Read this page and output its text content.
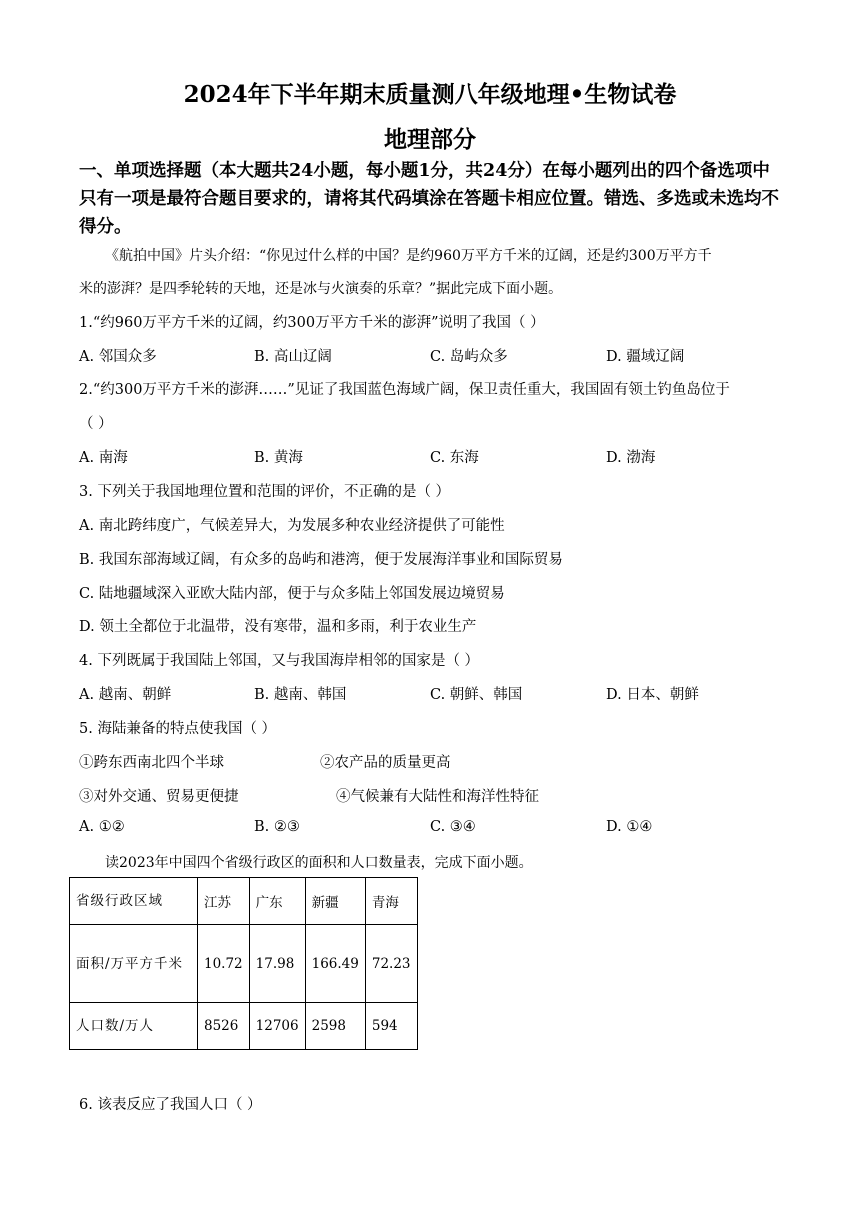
2024年下半年期末质量测八年级地理•生物试卷
地理部分
一、单项选择题（本大题共24小题，每小题1分，共24分）在每小题列出的四个备选项中
只有一项是最符合题目要求的，请将其代码填涂在答题卡相应位置。错选、多选或未选均不
得分。
《航拍中国》片头介绍：“你见过什么样的中国？是约960万平方千米的辽阔，还是约300万平方千
米的澎湃？是四季轮转的天地，还是冰与火演奏的乐章？”据此完成下面小题。
1.“约960万平方千米的辽阔，约300万平方千米的澎湃”说明了我国（ ）
A. 邻国众多	B. 高山辽阔	C. 岛屿众多	D. 疆域辽阔
2.“约300万平方千米的澎湃……”见证了我国蓝色海域广阔，保卫责任重大，我国固有领土钓鱼岛位于
（ ）
A. 南海	B. 黄海	C. 东海	D. 渤海
3. 下列关于我国地理位置和范围的评价，不正确的是（ ）
A. 南北跨纬度广，气候差异大，为发展多种农业经济提供了可能性
B. 我国东部海域辽阔，有众多的岛屿和港湾，便于发展海洋事业和国际贸易
C. 陆地疆域深入亚欧大陆内部，便于与众多陆上邻国发展边境贸易
D. 领土全都位于北温带，没有寒带，温和多雨，利于农业生产
4. 下列既属于我国陆上邻国，又与我国海岸相邻的国家是（ ）
A. 越南、朝鲜	B. 越南、韩国	C. 朝鲜、韩国	D. 日本、朝鲜
5. 海陆兼备的特点使我国（ ）
①跨东西南北四个半球	②农产品的质量更高
③对外交通、贸易更便捷	④气候兼有大陆性和海洋性特征
A. ①②	B. ②③	C. ③④	D. ①④
读2023年中国四个省级行政区的面积和人口数量表，完成下面小题。
省级行政区域	江苏	广东	新疆	青海
面积/万平方千米	10.72	17.98	166.49	72.23
人口数/万人	8526	12706	2598	594
6. 该表反应了我国人口（ ）
